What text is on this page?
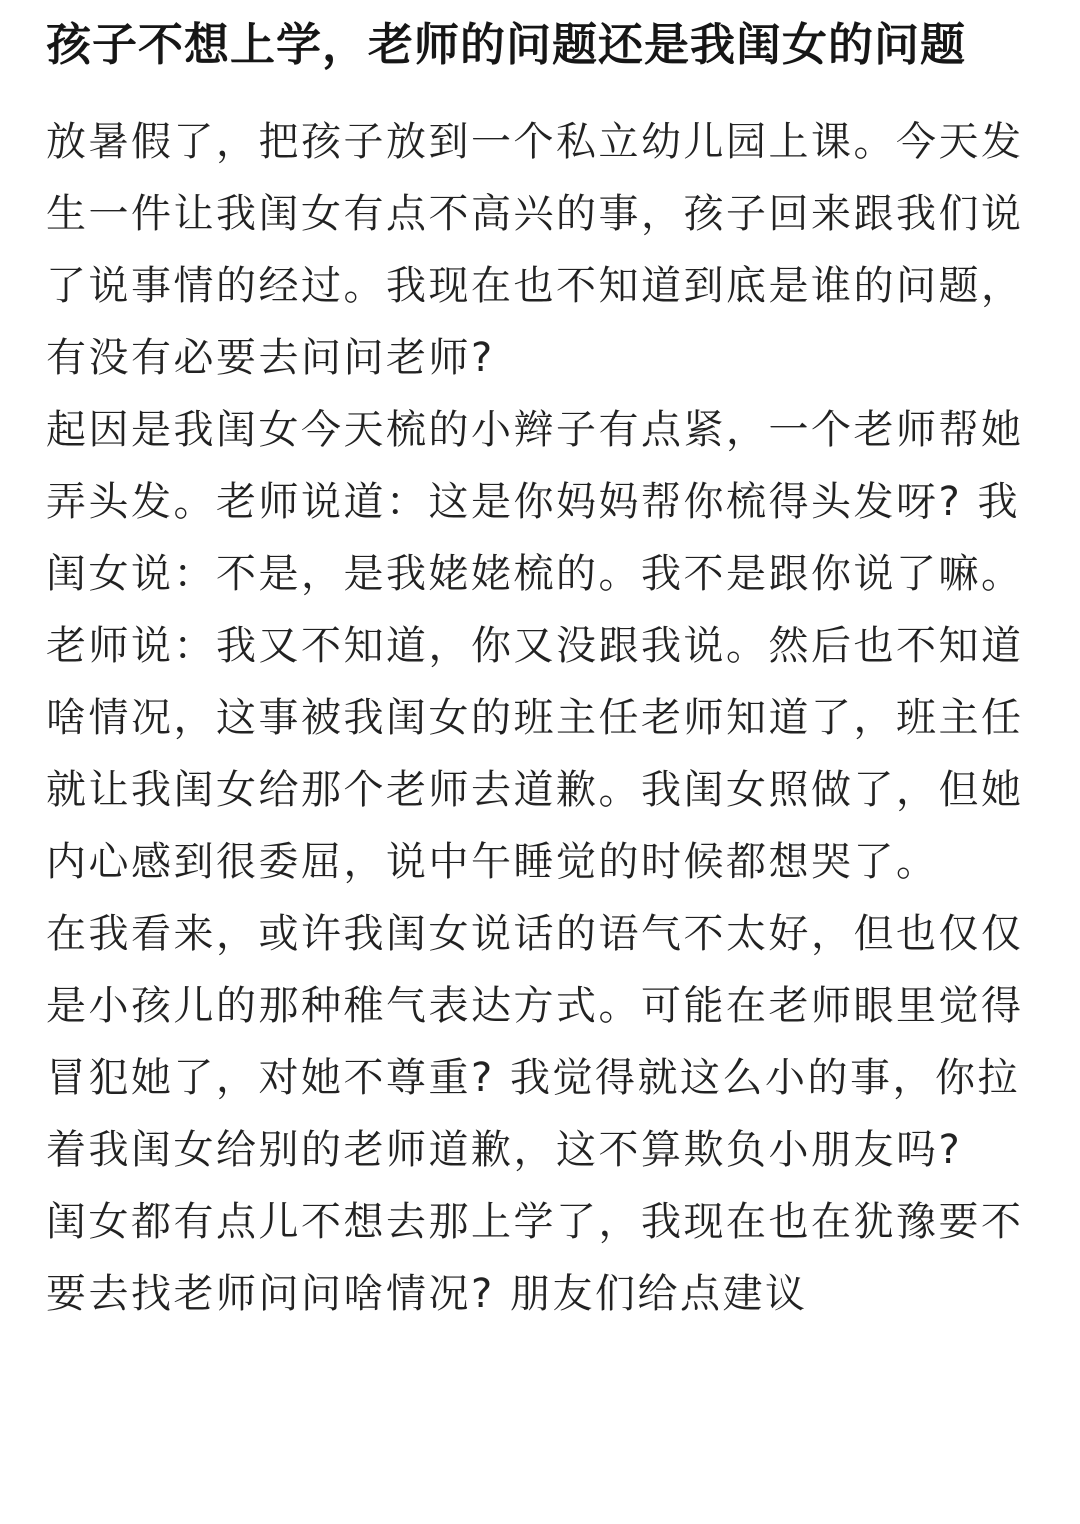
孩子不想上学，老师的问题还是我闺女的问题

放暑假了，把孩子放到一个私立幼儿园上课。今天发生一件让我闺女有点不高兴的事，孩子回来跟我们说了说事情的经过。我现在也不知道到底是谁的问题，有没有必要去问问老师?

起因是我闺女今天梳的小辫子有点紧，一个老师帮她弄头发。老师说道：这是你妈妈帮你梳得头发呀? 我闺女说：不是，是我姥姥梳的。我不是跟你说了嘛。老师说：我又不知道，你又没跟我说。然后也不知道啥情况，这事被我闺女的班主任老师知道了，班主任就让我闺女给那个老师去道歉。我闺女照做了，但她内心感到很委屈，说中午睡觉的时候都想哭了。

在我看来，或许我闺女说话的语气不太好，但也仅仅是小孩儿的那种稚气表达方式。可能在老师眼里觉得冒犯她了，对她不尊重? 我觉得就这么小的事，你拉着我闺女给别的老师道歉，这不算欺负小朋友吗?

闺女都有点儿不想去那上学了，我现在也在犹豫要不要去找老师问问啥情况? 朋友们给点建议
